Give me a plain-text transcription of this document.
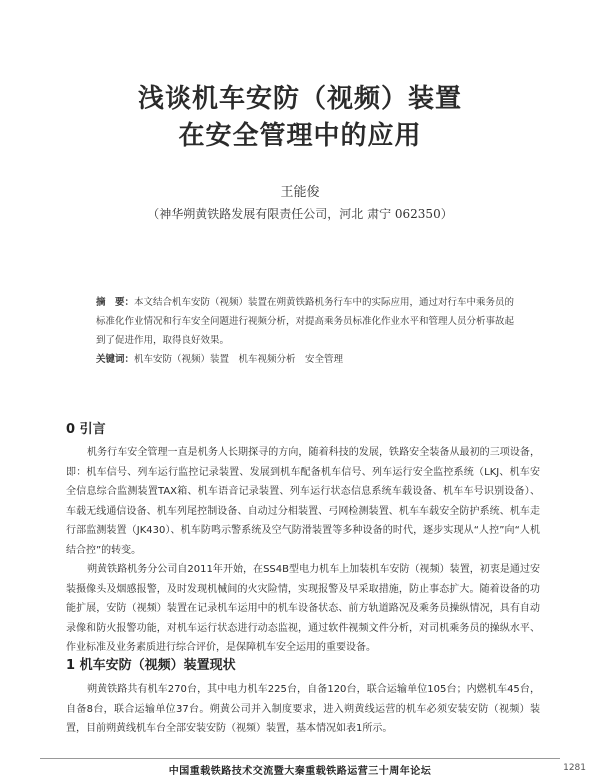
浅谈机车安防（视频）装置
在安全管理中的应用
王能俊
（神华朔黄铁路发展有限责任公司，河北 肃宁 062350）
摘　要：本文结合机车安防（视频）装置在朔黄铁路机务行车中的实际应用，通过对行车中乘务员的标准化作业情况和行车安全问题进行视频分析，对提高乘务员标准化作业水平和管理人员分析事故起到了促进作用，取得良好效果。
关键词：机车安防（视频）装置　机车视频分析　安全管理
0 引言

机务行车安全管理一直是机务人长期探寻的方向，随着科技的发展，铁路安全装备从最初的三项设备，即：机车信号、列车运行监控记录装置、发展到机车配备机车信号、列车运行安全监控系统（LKJ、机车安全信息综合监测装置TAX箱、机车语音记录装置、列车运行状态信息系统车载设备、机车车号识别设备）、车载无线通信设备、机车列尾控制设备、自动过分相装置、弓网检测装置、机车车载安全防护系统、机车走行部监测装置（JK430）、机车防鸣示警系统及空气防滑装置等多种设备的时代，逐步实现从“人控”向“人机结合控”的转变。

朔黄铁路机务分公司自2011年开始，在SS4B型电力机车上加装机车安防（视频）装置，初衷是通过安装摄像头及烟感报警，及时发现机械间的火灾险情，实现报警及早采取措施，防止事态扩大。随着设备的功能扩展，安防（视频）装置在记录机车运用中的机车设备状态、前方轨道路况及乘务员操纵情况，具有自动录像和防火报警功能，对机车运行状态进行动态监视，通过软件视频文件分析，对司机乘务员的操纵水平、作业标准及业务素质进行综合评价，是保障机车安全运用的重要设备。

1 机车安防（视频）装置现状

朔黄铁路共有机车270台，其中电力机车225台，自备120台，联合运输单位105台；内燃机车45台，自备8台，联合运输单位37台。朔黄公司并入制度要求，进入朔黄线运营的机车必须安装安防（视频）装置，目前朔黄线机车台全部安装安防（视频）装置，基本情况如表1所示。

中国重载铁路技术交流暨大秦重载铁路运营三十周年论坛	1281
